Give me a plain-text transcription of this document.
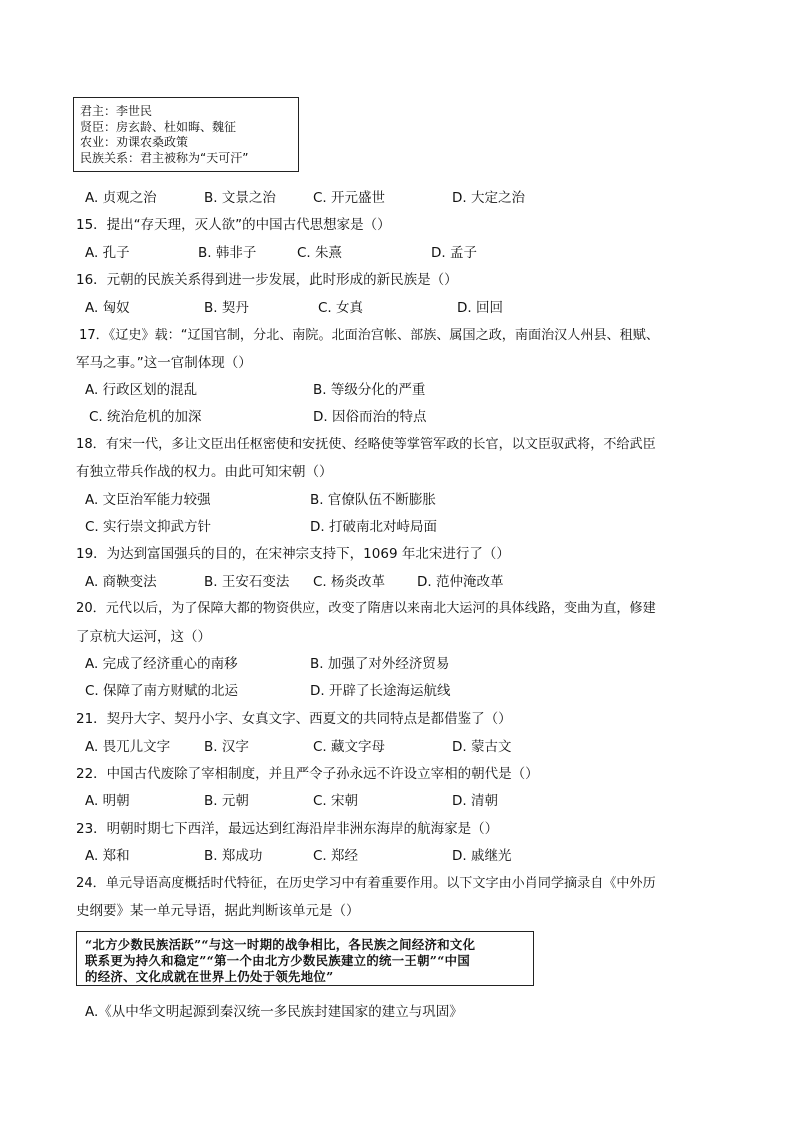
君主：李世民
贤臣：房玄龄、杜如晦、魏征
农业：劝课农桑政策
民族关系：君主被称为“天可汗”
A. 贞观之治	B. 文景之治	C. 开元盛世	D. 大定之治
15．提出“存天理，灭人欲”的中国古代思想家是（）
A. 孔子	B. 韩非子	C. 朱熹	D. 孟子
16．元朝的民族关系得到进一步发展，此时形成的新民族是（）
A. 匈奴	B. 契丹	C. 女真	D. 回回
17．《辽史》载：“辽国官制，分北、南院。北面治宫帐、部族、属国之政，南面治汉人州县、租赋、
军马之事。”这一官制体现（）
A. 行政区划的混乱	B. 等级分化的严重
C. 统治危机的加深	D. 因俗而治的特点
18．有宋一代，多让文臣出任枢密使和安抚使、经略使等掌管军政的长官，以文臣驭武将，不给武臣
有独立带兵作战的权力。由此可知宋朝（）
A. 文臣治军能力较强	B. 官僚队伍不断膨胀
C. 实行崇文抑武方针	D. 打破南北对峙局面
19．为达到富国强兵的目的，在宋神宗支持下，1069 年北宋进行了（）
A. 商鞅变法	B. 王安石变法 C. 杨炎改革 D. 范仲淹改革
20．元代以后，为了保障大都的物资供应，改变了隋唐以来南北大运河的具体线路，变曲为直，修建
了京杭大运河，这（）
A. 完成了经济重心的南移	B. 加强了对外经济贸易
C. 保障了南方财赋的北运	D. 开辟了长途海运航线
21．契丹大字、契丹小字、女真文字、西夏文的共同特点是都借鉴了（）
A. 畏兀儿文字	B. 汉字	C. 藏文字母	D. 蒙古文
22．中国古代废除了宰相制度，并且严令子孙永远不许设立宰相的朝代是（）
A. 明朝	B. 元朝	C. 宋朝	D. 清朝
23．明朝时期七下西洋，最远达到红海沿岸非洲东海岸的航海家是（）
A. 郑和	B. 郑成功	C. 郑经	D. 戚继光
24．单元导语高度概括时代特征，在历史学习中有着重要作用。以下文字由小肖同学摘录自《中外历
史纲要》某一单元导语，据此判断该单元是（）
“北方少数民族活跃”“与这一时期的战争相比，各民族之间经济和文化
联系更为持久和稳定”“第一个由北方少数民族建立的统一王朝”“中国
的经济、文化成就在世界上仍处于领先地位”
A.《从中华文明起源到秦汉统一多民族封建国家的建立与巩固》
